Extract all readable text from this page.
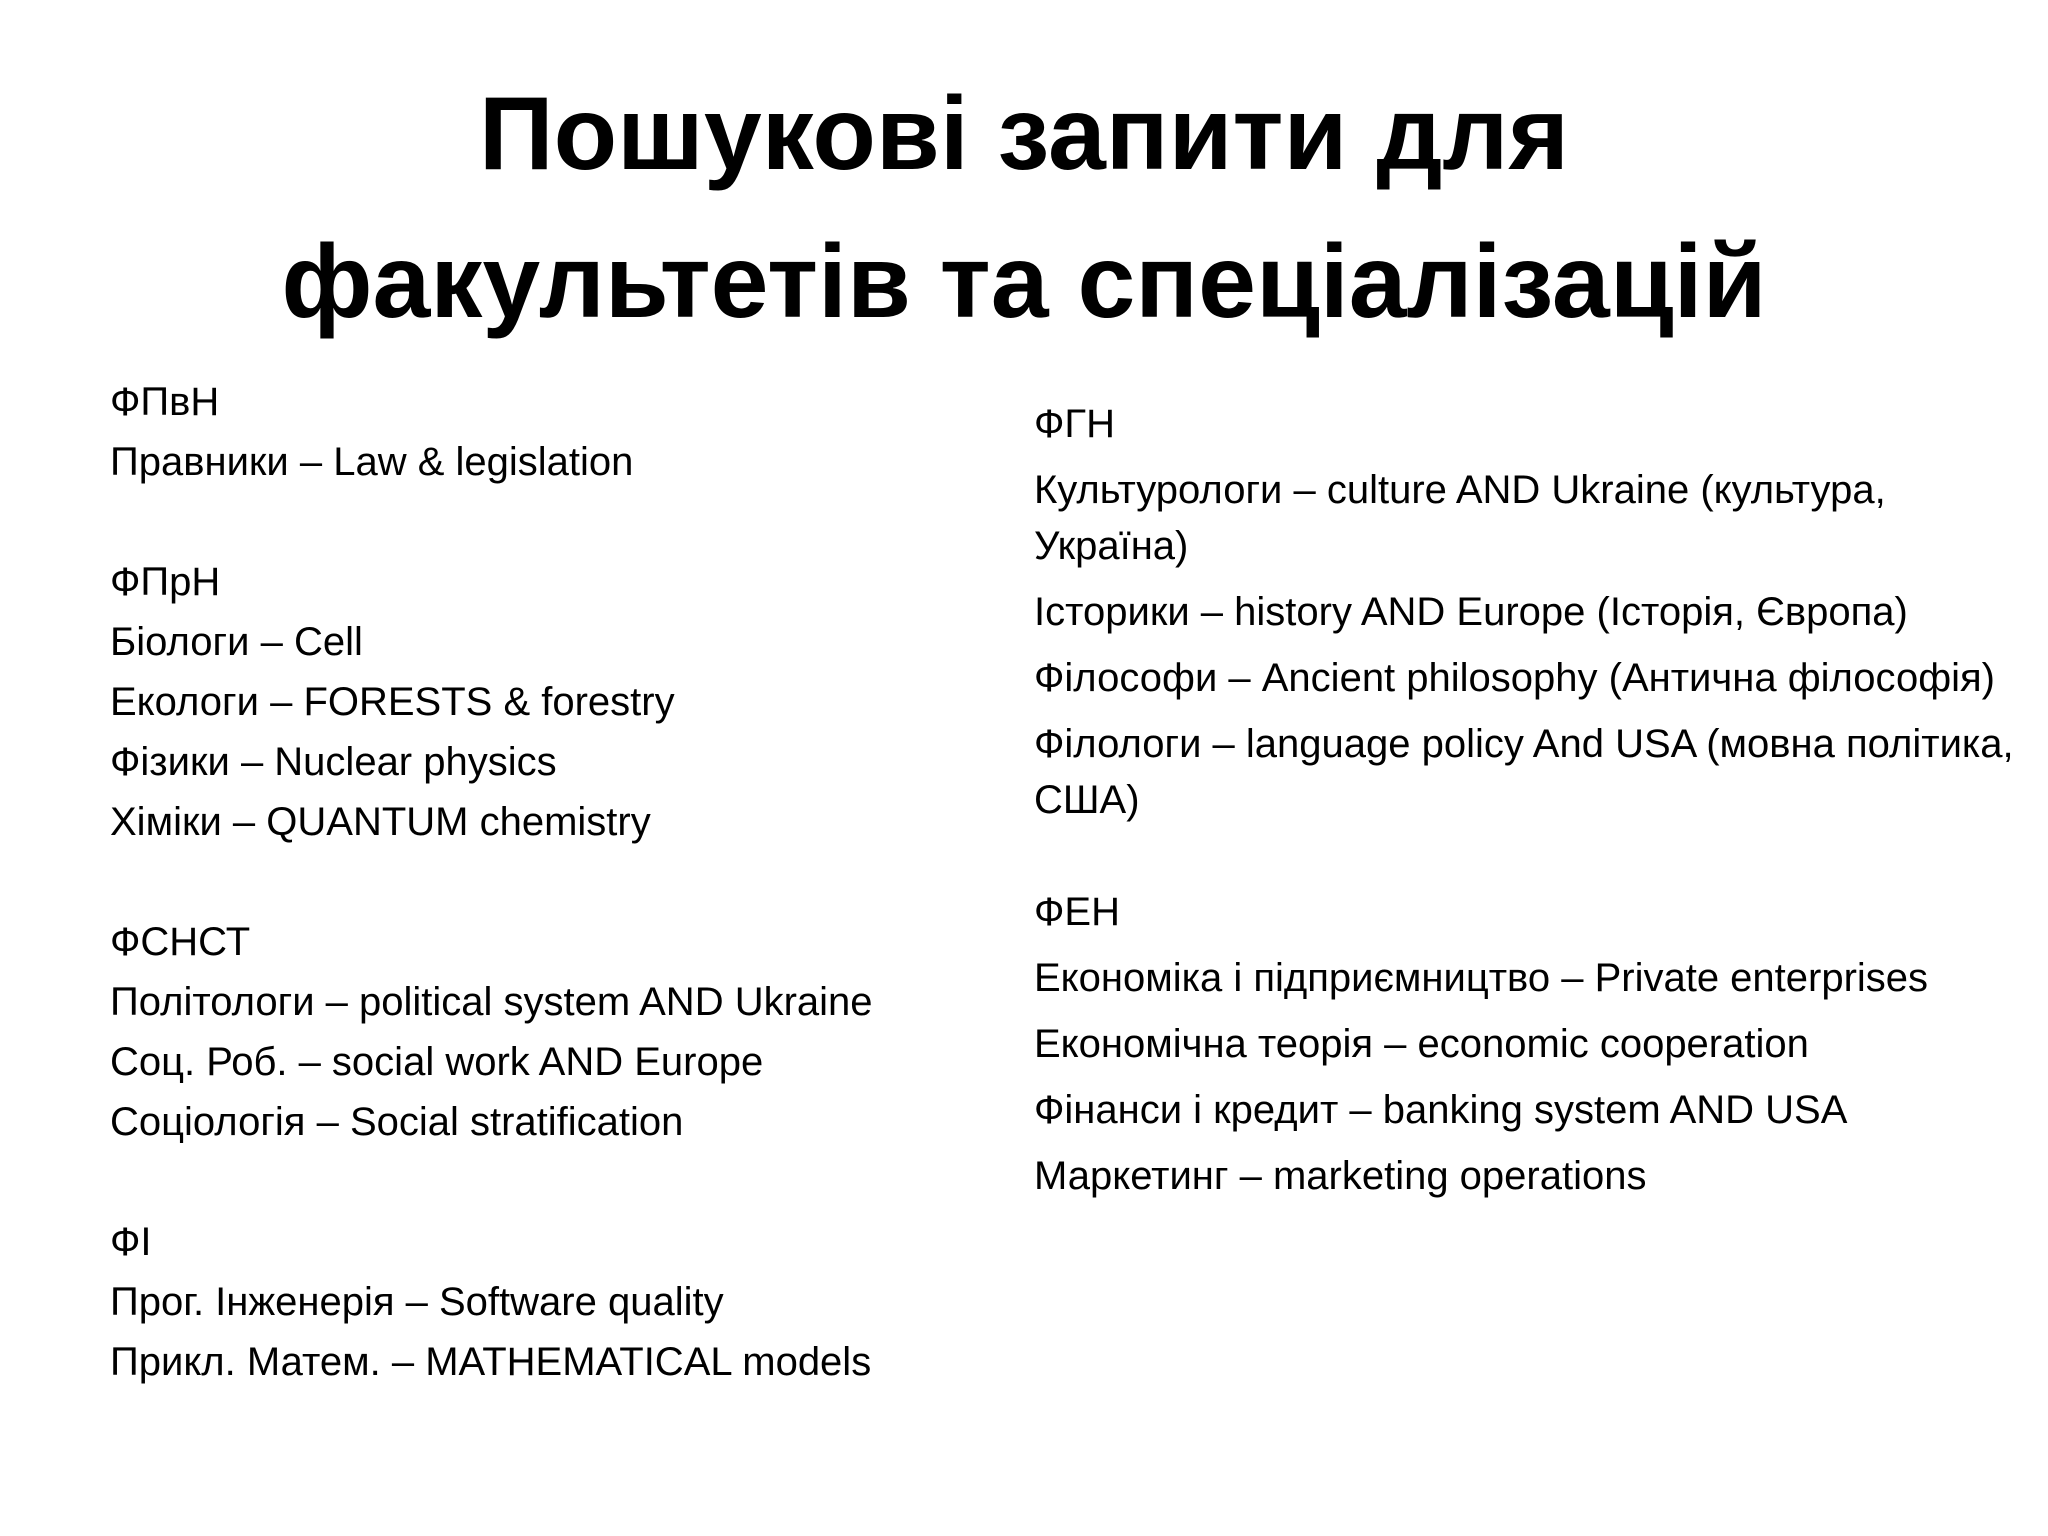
Пошукові запити для
факультетів та спеціалізацій
ФПвН
Правники – Law & legislation
ФПрН
Біологи – Cell
Екологи – FORESTS & forestry
Фізики – Nuclear physics
Хіміки – QUANTUM chemistry
ФСНСТ
Політологи – political system AND Ukraine
Соц. Роб. – social work AND Europe
Соціологія – Social stratification
ФІ
Прог. Інженерія – Software quality
Прикл. Матем. – MATHEMATICAL models
ФГН
Культурологи – culture AND Ukraine (культура, Україна)
Історики – history AND Europe (Історія, Європа)
Філософи – Ancient philosophy (Антична філософія)
Філологи – language policy And USA (мовна політика, США)
ФЕН
Економіка і підприємництво – Private enterprises
Економічна теорія – economic cooperation
Фінанси і кредит – banking system AND USA
Маркетинг – marketing operations
